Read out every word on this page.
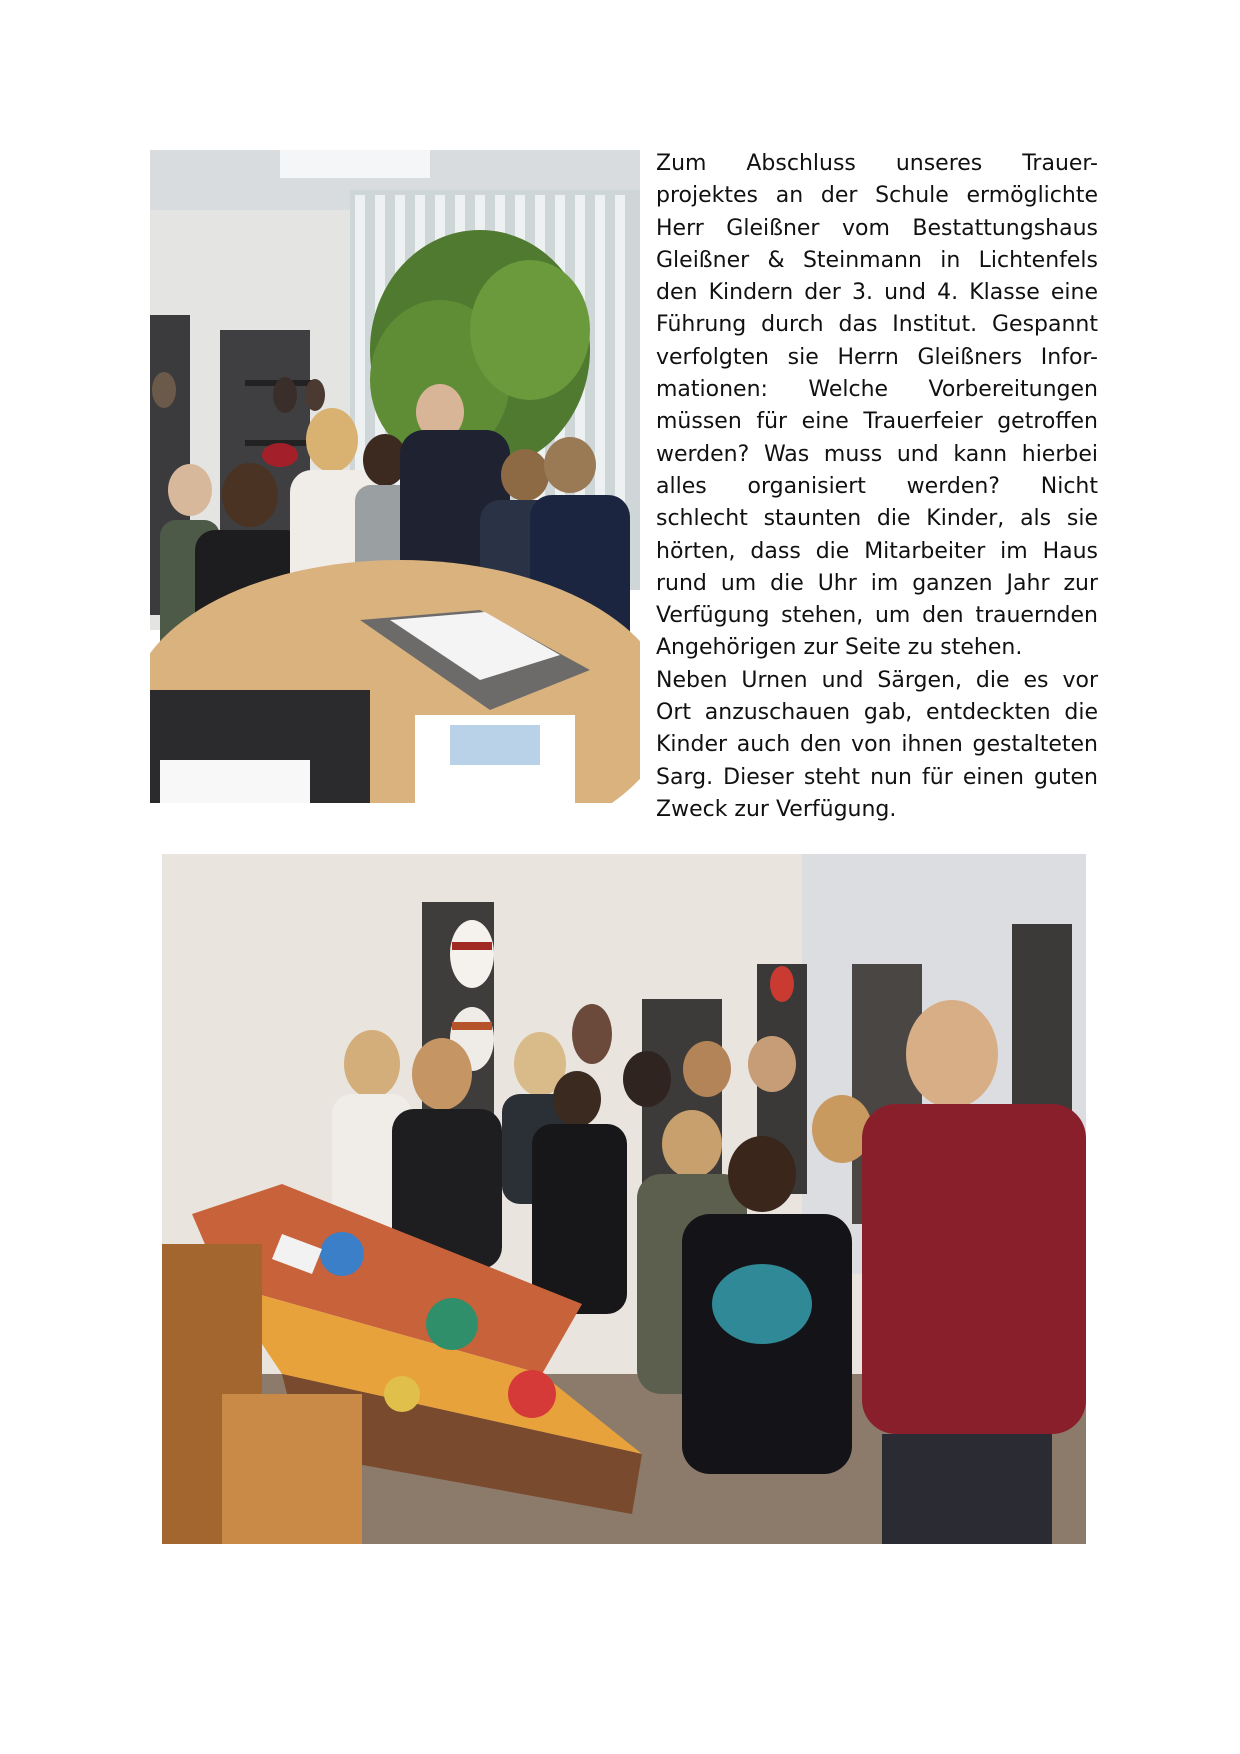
Zum Abschluss unseres Trauer-
projektes an der Schule ermöglichte
Herr Gleißner vom Bestattungshaus
Gleißner & Steinmann in Lichtenfels
den Kindern der 3. und 4. Klasse eine
Führung durch das Institut. Gespannt
verfolgten sie Herrn Gleißners Infor-
mationen: Welche Vorbereitungen
müssen für eine Trauerfeier getroffen
werden? Was muss und kann hierbei
alles organisiert werden? Nicht
schlecht staunten die Kinder, als sie
hörten, dass die Mitarbeiter im Haus
rund um die Uhr im ganzen Jahr zur
Verfügung stehen, um den trauernden
Angehörigen zur Seite zu stehen.

Neben Urnen und Särgen, die es vor
Ort anzuschauen gab, entdeckten die
Kinder auch den von ihnen gestalteten
Sarg. Dieser steht nun für einen guten
Zweck zur Verfügung.
